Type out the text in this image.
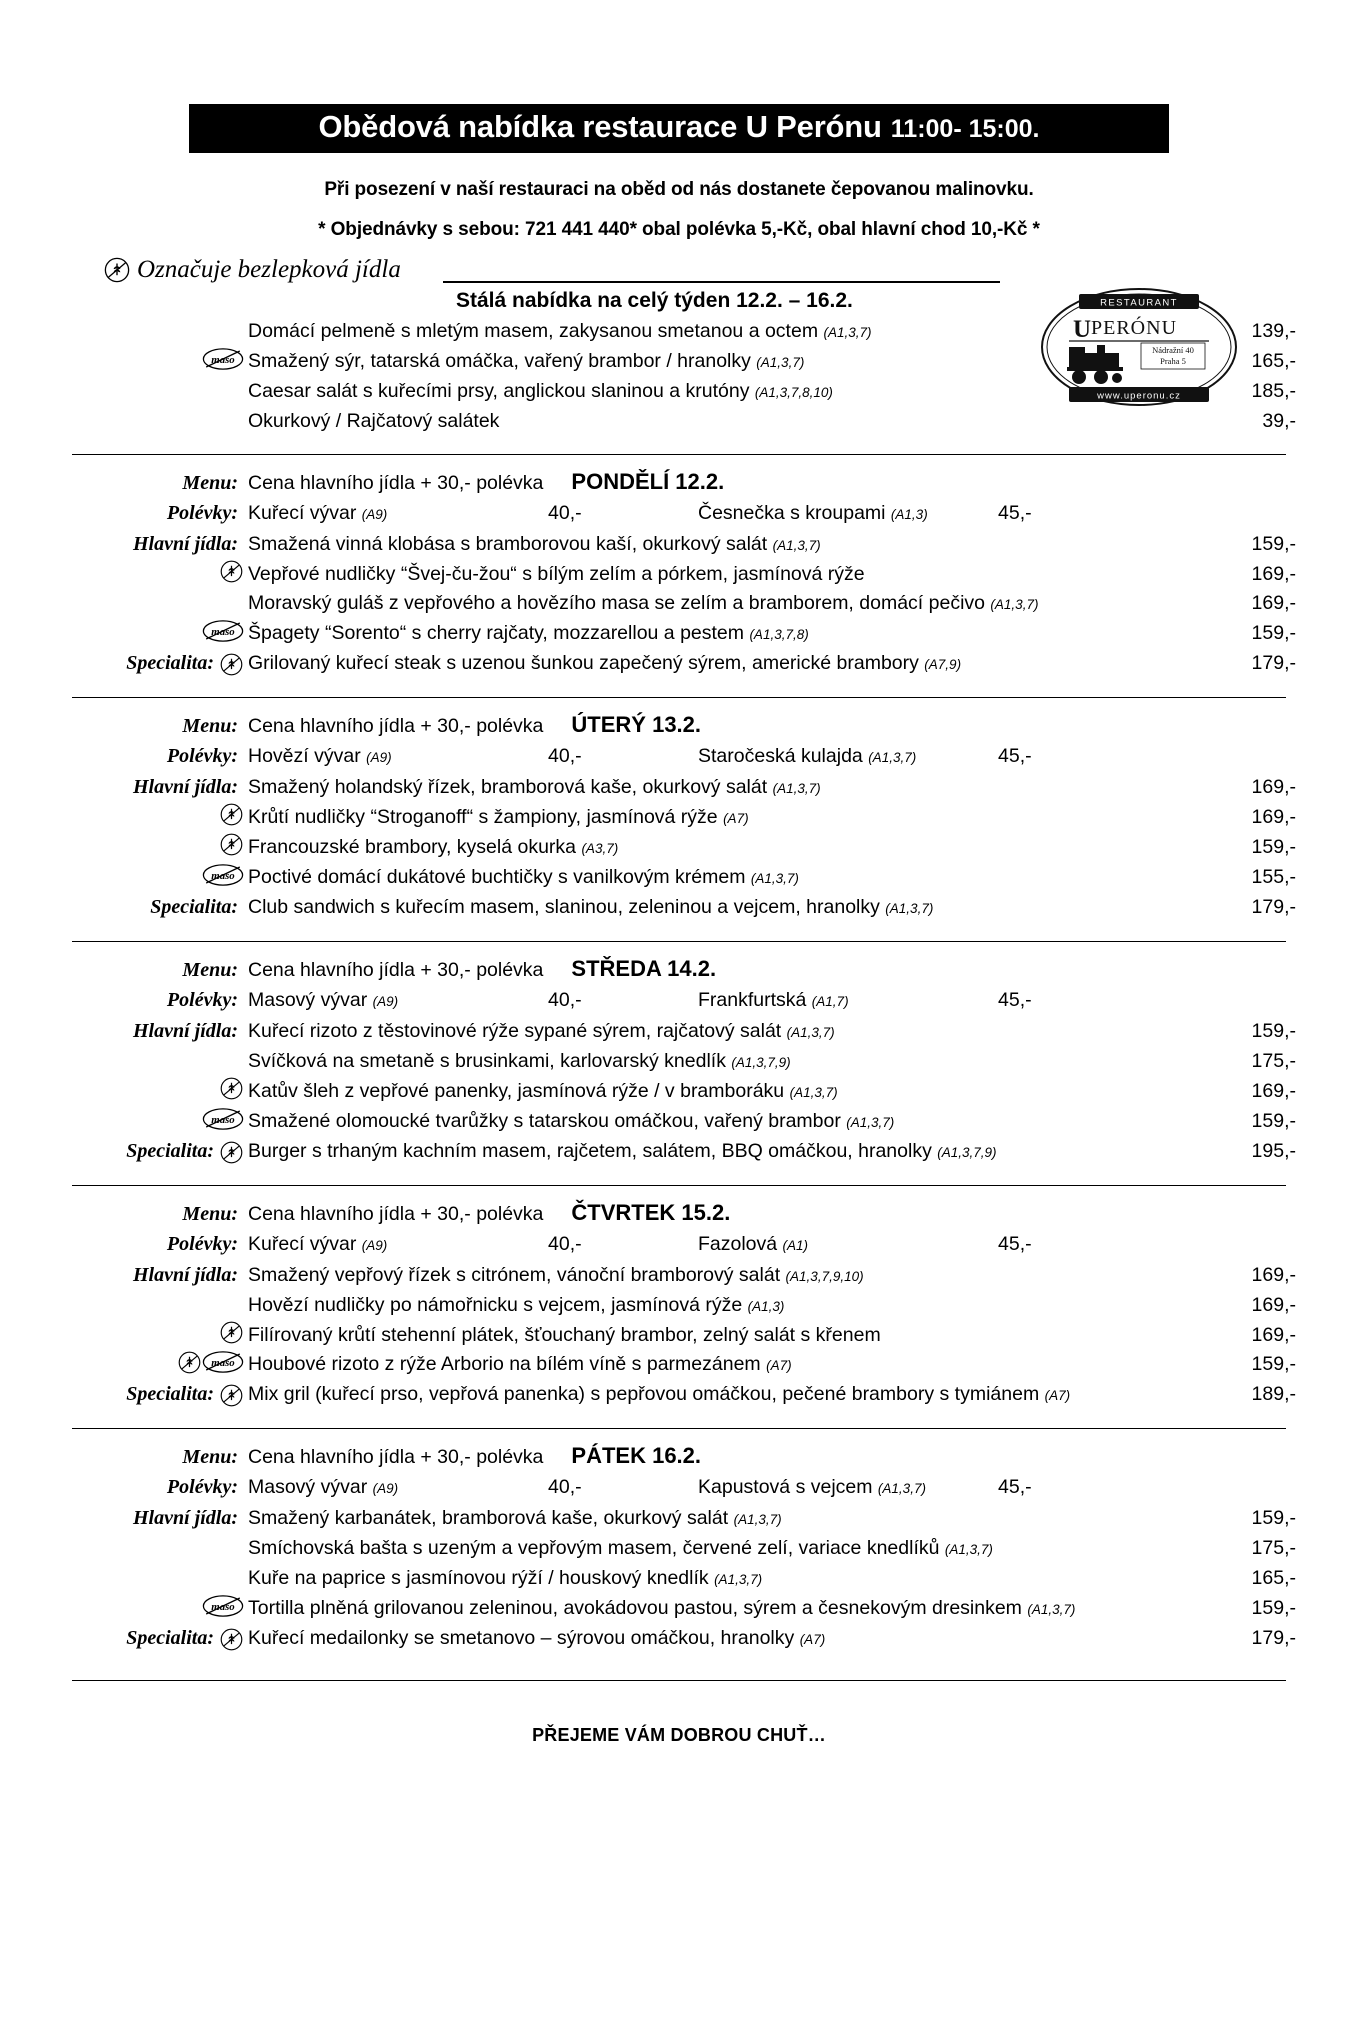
Obědová nabídka restaurace U Perónu 11:00- 15:00.
Při posezení v naší restauraci na oběd od nás dostanete čepovanou malinovku.
* Objednávky s sebou: 721 441 440* obal polévka 5,-Kč, obal hlavní chod 10,-Kč *
Označuje bezlepková jídla
RESTAURANT
U PERÓNU
Nádražní 40
Praha 5
www.uperonu.cz
Stálá nabídka na celý týden 12.2. – 16.2.
Domácí pelmeně s mletým masem, zakysanou smetanou a octem (A1,3,7)	139,-
maso Smažený sýr, tatarská omáčka, vařený brambor / hranolky (A1,3,7)	165,-
Caesar salát s kuřecími prsy, anglickou slaninou a krutóny (A1,3,7,8,10)	185,-
Okurkový / Rajčatový salátek	39,-
Menu: Cena hlavního jídla + 30,- polévka PONDĚLÍ 12.2.
Polévky: Kuřecí vývar (A9)	40,-	Česnečka s kroupami (A1,3)	45,-
Hlavní jídla: Smažená vinná klobása s bramborovou kaší, okurkový salát (A1,3,7)	159,-
Vepřové nudličky “Švej-ču-žou“ s bílým zelím a pórkem, jasmínová rýže	169,-
Moravský guláš z vepřového a hovězího masa se zelím a bramborem, domácí pečivo (A1,3,7)	169,-
maso Špagety “Sorento“ s cherry rajčaty, mozzarellou a pestem (A1,3,7,8)	159,-
Specialita: Grilovaný kuřecí steak s uzenou šunkou zapečený sýrem, americké brambory (A7,9)	179,-
Menu: Cena hlavního jídla + 30,- polévka ÚTERÝ 13.2.
Polévky: Hovězí vývar (A9)	40,-	Staročeská kulajda (A1,3,7)	45,-
Hlavní jídla: Smažený holandský řízek, bramborová kaše, okurkový salát (A1,3,7)	169,-
Krůtí nudličky “Stroganoff“ s žampiony, jasmínová rýže (A7)	169,-
Francouzské brambory, kyselá okurka (A3,7)	159,-
maso Poctivé domácí dukátové buchtičky s vanilkovým krémem (A1,3,7)	155,-
Specialita: Club sandwich s kuřecím masem, slaninou, zeleninou a vejcem, hranolky (A1,3,7)	179,-
Menu: Cena hlavního jídla + 30,- polévka STŘEDA 14.2.
Polévky: Masový vývar (A9)	40,-	Frankfurtská (A1,7)	45,-
Hlavní jídla: Kuřecí rizoto z těstovinové rýže sypané sýrem, rajčatový salát (A1,3,7)	159,-
Svíčková na smetaně s brusinkami, karlovarský knedlík (A1,3,7,9)	175,-
Katův šleh z vepřové panenky, jasmínová rýže / v bramboráku (A1,3,7)	169,-
maso Smažené olomoucké tvarůžky s tatarskou omáčkou, vařený brambor (A1,3,7)	159,-
Specialita: Burger s trhaným kachním masem, rajčetem, salátem, BBQ omáčkou, hranolky (A1,3,7,9)	195,-
Menu: Cena hlavního jídla + 30,- polévka ČTVRTEK 15.2.
Polévky: Kuřecí vývar (A9)	40,-	Fazolová (A1)	45,-
Hlavní jídla: Smažený vepřový řízek s citrónem, vánoční bramborový salát (A1,3,7,9,10)	169,-
Hovězí nudličky po námořnicku s vejcem, jasmínová rýže (A1,3)	169,-
Filírovaný krůtí stehenní plátek, šťouchaný brambor, zelný salát s křenem	169,-
maso Houbové rizoto z rýže Arborio na bílém víně s parmezánem (A7)	159,-
Specialita: Mix gril (kuřecí prso, vepřová panenka) s pepřovou omáčkou, pečené brambory s tymiánem (A7)	189,-
Menu: Cena hlavního jídla + 30,- polévka PÁTEK 16.2.
Polévky: Masový vývar (A9)	40,-	Kapustová s vejcem (A1,3,7)	45,-
Hlavní jídla: Smažený karbanátek, bramborová kaše, okurkový salát (A1,3,7)	159,-
Smíchovská bašta s uzeným a vepřovým masem, červené zelí, variace knedlíků (A1,3,7)	175,-
Kuře na paprice s jasmínovou rýží / houskový knedlík (A1,3,7)	165,-
maso Tortilla plněná grilovanou zeleninou, avokádovou pastou, sýrem a česnekovým dresinkem (A1,3,7)	159,-
Specialita: Kuřecí medailonky se smetanovo – sýrovou omáčkou, hranolky (A7)	179,-
PŘEJEME VÁM DOBROU CHUŤ…
